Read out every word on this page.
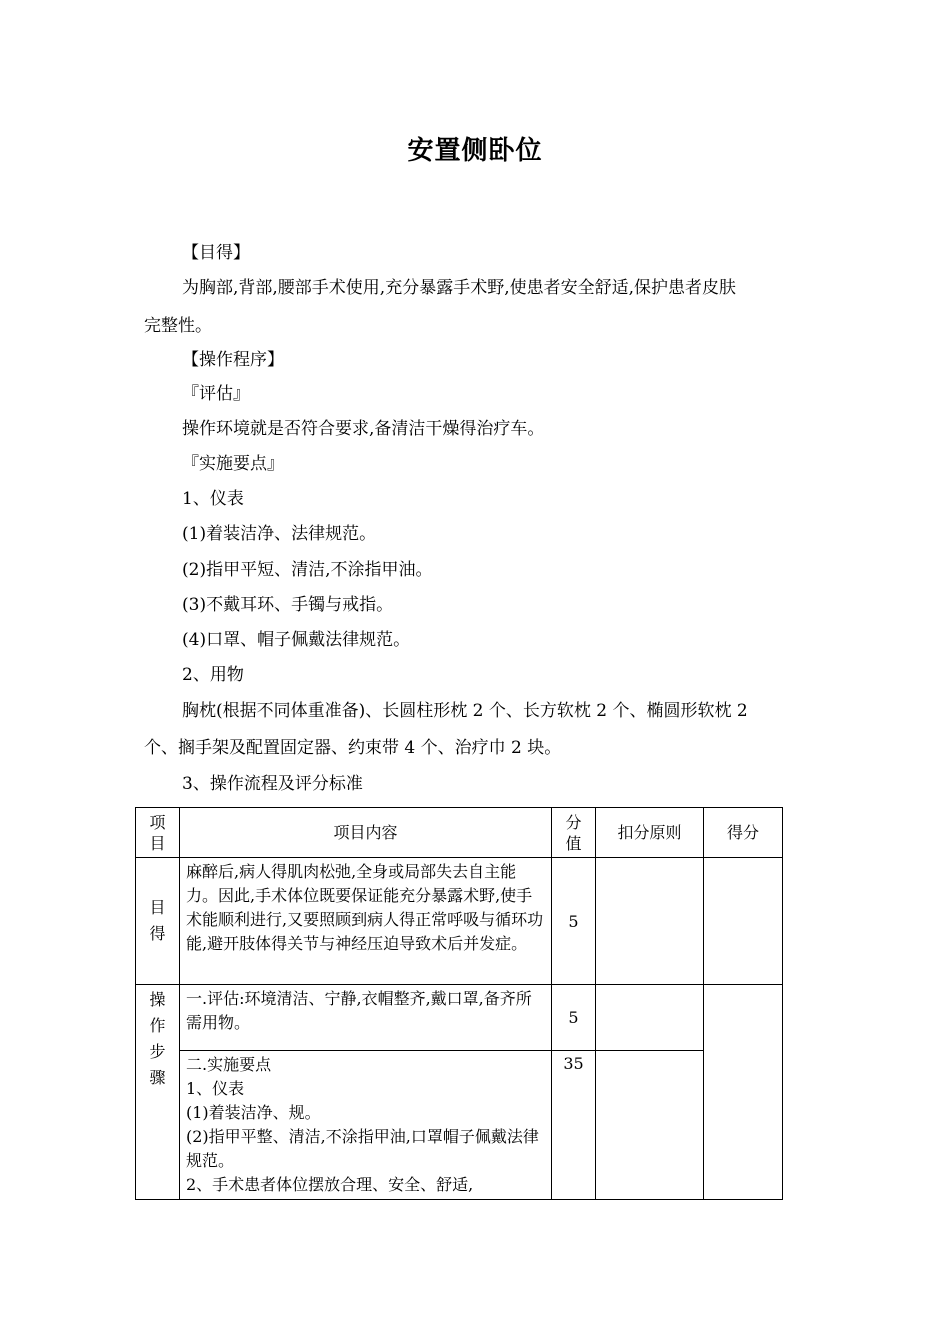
安置侧卧位
【目得】
为胸部,背部,腰部手术使用,充分暴露手术野,使患者安全舒适,保护患者皮肤
完整性。
【操作程序】
『评估』
操作环境就是否符合要求,备清洁干燥得治疗车。
『实施要点』
1、仪表
(1)着装洁净、法律规范。
(2)指甲平短、清洁,不涂指甲油。
(3)不戴耳环、手镯与戒指。
(4)口罩、帽子佩戴法律规范。
2、用物
胸枕(根据不同体重准备)、长圆柱形枕 2 个、长方软枕 2 个、椭圆形软枕 2
个、搁手架及配置固定器、约束带 4 个、治疗巾 2 块。
3、操作流程及评分标准
项目	项目内容	分值	扣分原则	得分
目得	麻醉后,病人得肌肉松弛,全身或局部失去自主能力。因此,手术体位既要保证能充分暴露术野,使手术能顺利进行,又要照顾到病人得正常呼吸与循环功能,避开肢体得关节与神经压迫导致术后并发症。	5		
操作步骤	一.评估:环境清洁、宁静,衣帽整齐,戴口罩,备齐所需用物。	5		

	二.实施要点
1、仪表
(1)着装洁净、规。
(2)指甲平整、清洁,不涂指甲油,口罩帽子佩戴法律规范。
2、手术患者体位摆放合理、安全、舒适,	35		
